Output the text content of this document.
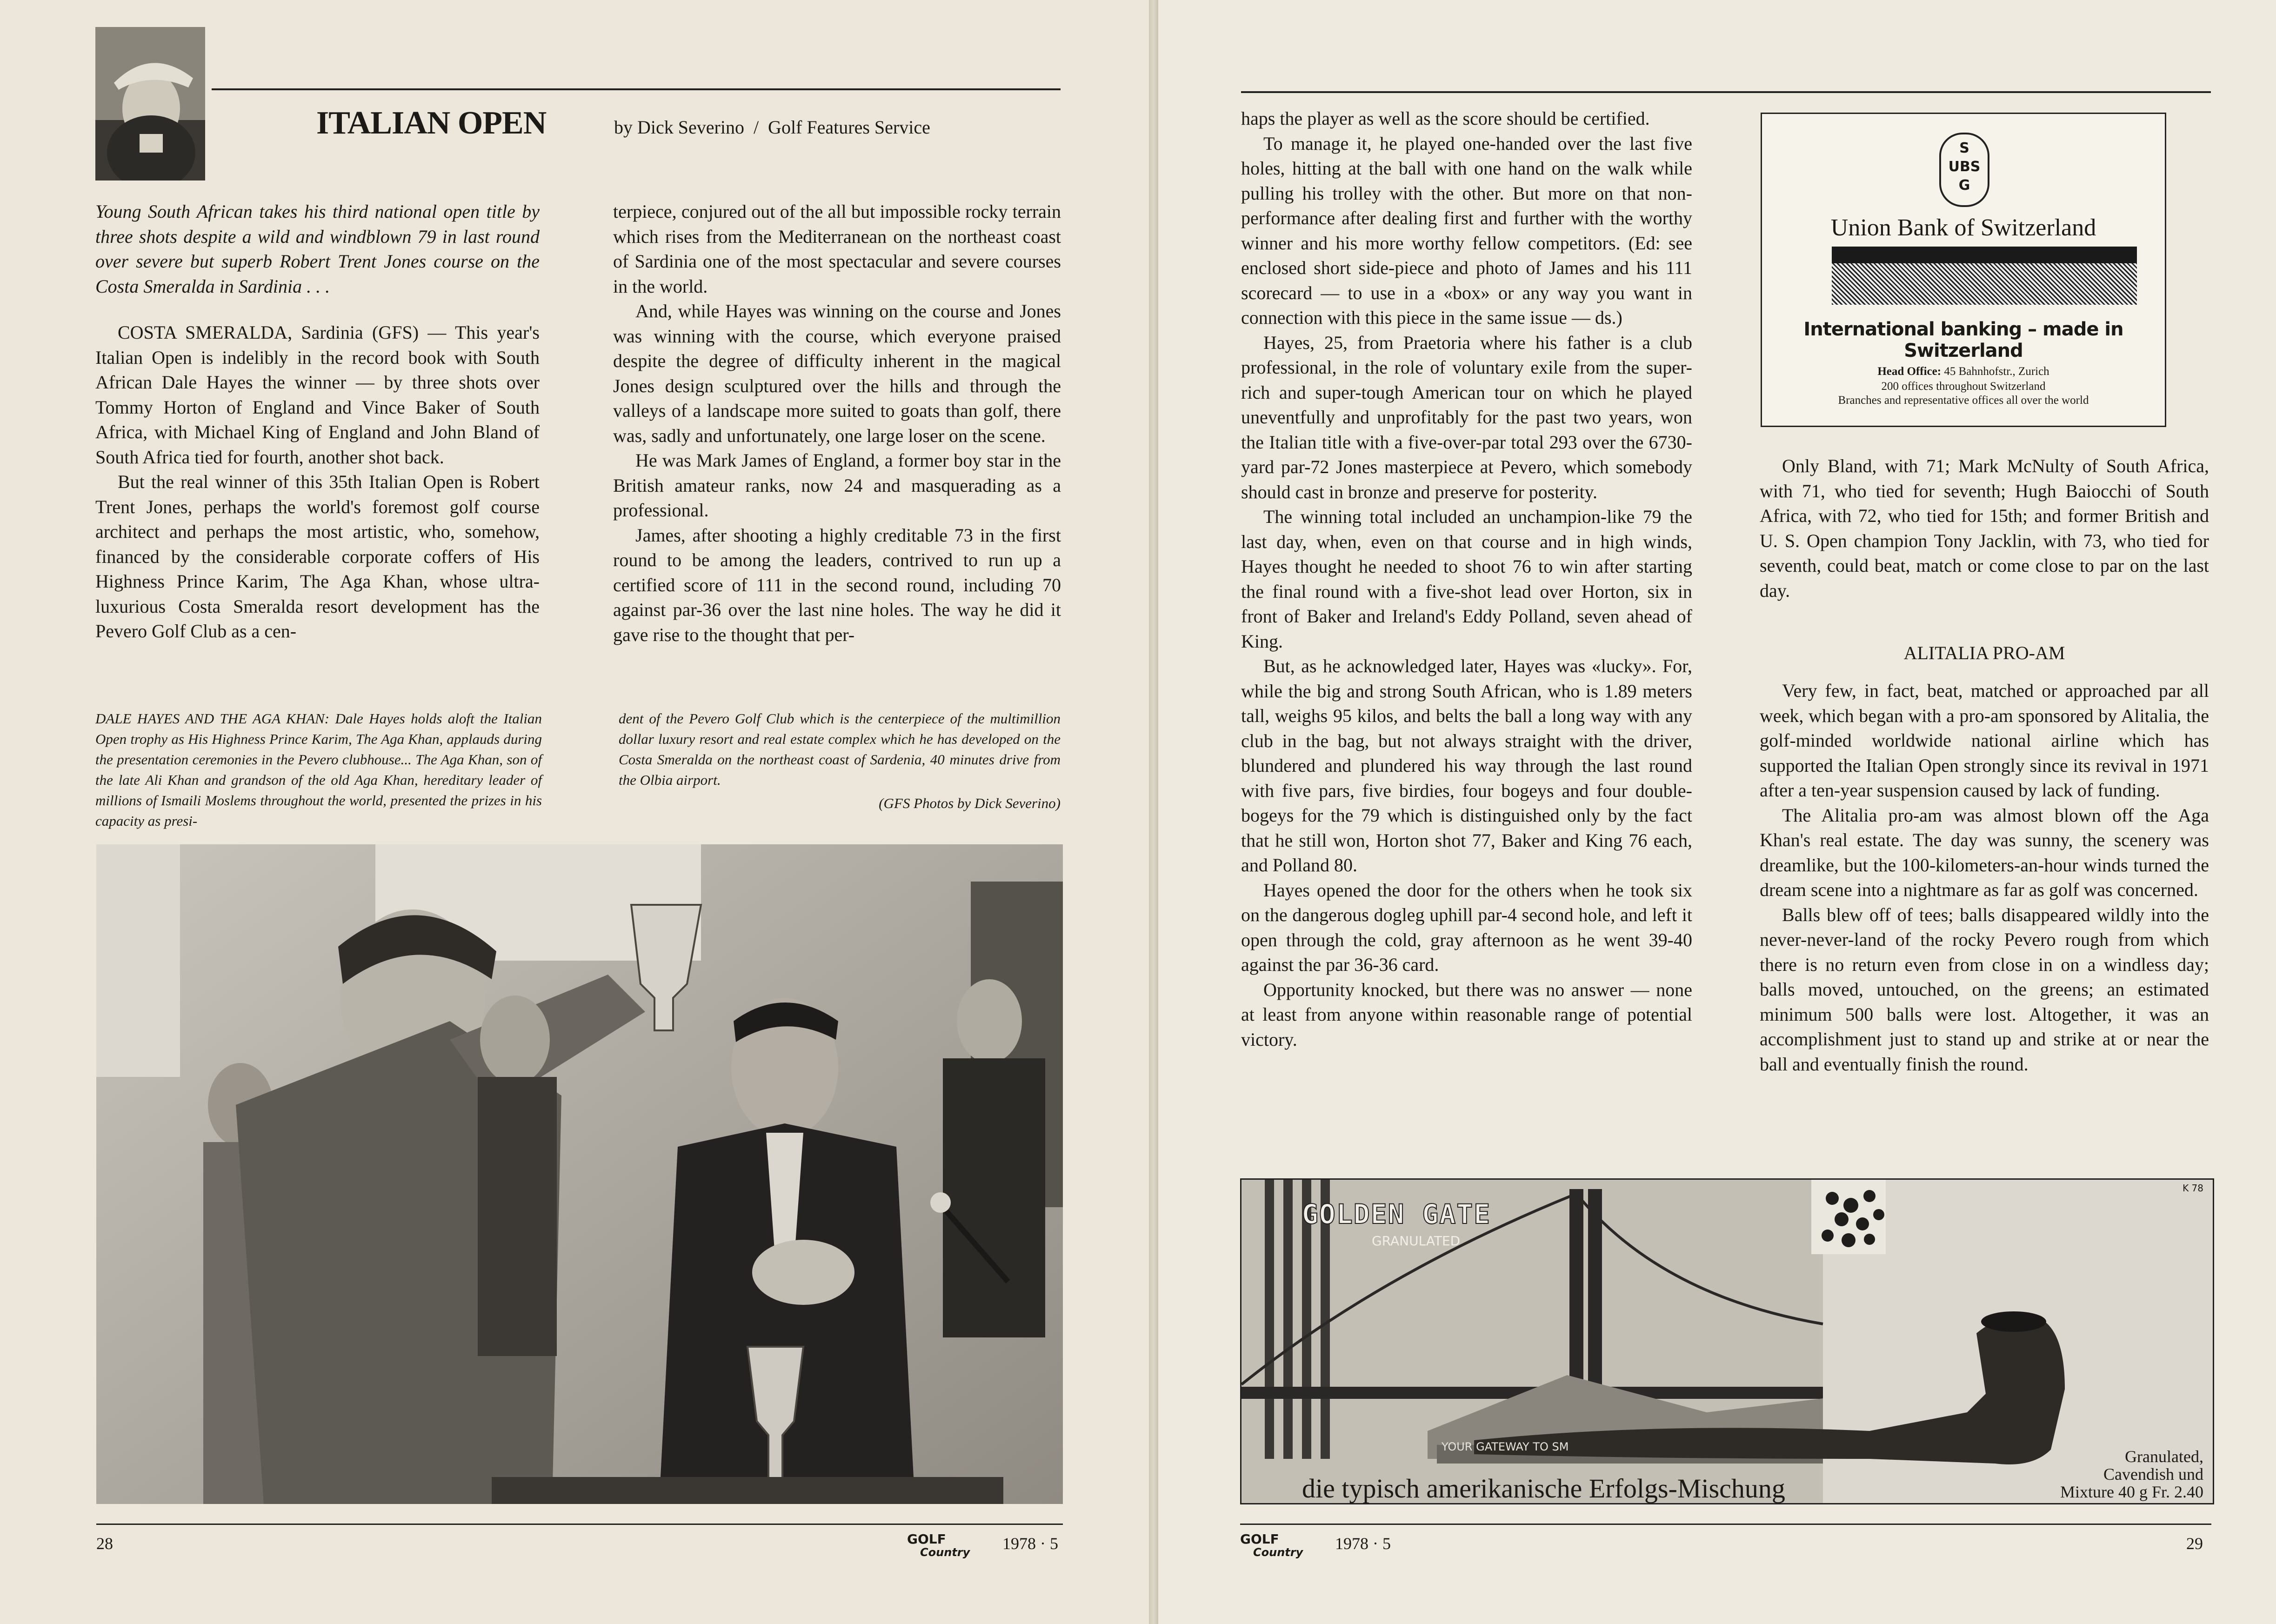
ITALIAN OPEN	by Dick Severino  /  Golf Features Service
Young South African takes his third national open title by three shots despite a wild and windblown 79 in last round over severe but superb Robert Trent Jones course on the Costa Smeralda in Sardinia . . .

COSTA SMERALDA, Sardinia (GFS) — This year's Italian Open is indelibly in the record book with South African Dale Hayes the winner — by three shots over Tommy Horton of England and Vince Baker of South Africa, with Michael King of England and John Bland of South Africa tied for fourth, another shot back.

But the real winner of this 35th Italian Open is Robert Trent Jones, perhaps the world's foremost golf course architect and perhaps the most artistic, who, somehow, financed by the considerable corporate coffers of His Highness Prince Karim, The Aga Khan, whose ultra-luxurious Costa Smeralda resort development has the Pevero Golf Club as a cen-

terpiece, conjured out of the all but impossible rocky terrain which rises from the Mediterranean on the northeast coast of Sardinia one of the most spectacular and severe courses in the world.

And, while Hayes was winning on the course and Jones was winning with the course, which everyone praised despite the degree of difficulty inherent in the magical Jones design sculptured over the hills and through the valleys of a landscape more suited to goats than golf, there was, sadly and unfortunately, one large loser on the scene.

He was Mark James of England, a former boy star in the British amateur ranks, now 24 and masquerading as a professional.

James, after shooting a highly creditable 73 in the first round to be among the leaders, contrived to run up a certified score of 111 in the second round, including 70 against par-36 over the last nine holes. The way he did it gave rise to the thought that per-

DALE HAYES AND THE AGA KHAN: Dale Hayes holds aloft the Italian Open trophy as His Highness Prince Karim, The Aga Khan, applauds during the presentation ceremonies in the Pevero clubhouse... The Aga Khan, son of the late Ali Khan and grandson of the old Aga Khan, hereditary leader of millions of Ismaili Moslems throughout the world, presented the prizes in his capacity as presi-
dent of the Pevero Golf Club which is the centerpiece of the multimillion dollar luxury resort and real estate complex which he has developed on the Costa Smeralda on the northeast coast of Sardenia, 40 minutes drive from the Olbia airport.
(GFS Photos by Dick Severino)
28	GOLF
Country 1978 · 5

haps the player as well as the score should be certified.

To manage it, he played one-handed over the last five holes, hitting at the ball with one hand on the walk while pulling his trolley with the other. But more on that non-performance after dealing first and further with the worthy winner and his more worthy fellow competitors. (Ed: see enclosed short side-piece and photo of James and his 111 scorecard — to use in a «box» or any way you want in connection with this piece in the same issue — ds.)

Hayes, 25, from Praetoria where his father is a club professional, in the role of voluntary exile from the super-rich and super-tough American tour on which he played uneventfully and unprofitably for the past two years, won the Italian title with a five-over-par total 293 over the 6730-yard par-72 Jones masterpiece at Pevero, which somebody should cast in bronze and preserve for posterity.

The winning total included an unchampion-like 79 the last day, when, even on that course and in high winds, Hayes thought he needed to shoot 76 to win after starting the final round with a five-shot lead over Horton, six in front of Baker and Ireland's Eddy Polland, seven ahead of King.

But, as he acknowledged later, Hayes was «lucky». For, while the big and strong South African, who is 1.89 meters tall, weighs 95 kilos, and belts the ball a long way with any club in the bag, but not always straight with the driver, blundered and plundered his way through the last round with five pars, five birdies, four bogeys and four double-bogeys for the 79 which is distinguished only by the fact that he still won, Horton shot 77, Baker and King 76 each, and Polland 80.

Hayes opened the door for the others when he took six on the dangerous dogleg uphill par-4 second hole, and left it open through the cold, gray afternoon as he went 39-40 against the par 36-36 card.

Opportunity knocked, but there was no answer — none at least from anyone within reasonable range of potential victory.

S
UBS
G
Union Bank of Switzerland
International banking – made in Switzerland
Head Office: 45 Bahnhofstr., Zurich
200 offices throughout Switzerland
Branches and representative offices all over the world

Only Bland, with 71; Mark McNulty of South Africa, with 71, who tied for seventh; Hugh Baiocchi of South Africa, with 72, who tied for 15th; and former British and U. S. Open champion Tony Jacklin, with 73, who tied for seventh, could beat, match or come close to par on the last day.

ALITALIA PRO-AM

Very few, in fact, beat, matched or approached par all week, which began with a pro-am sponsored by Alitalia, the golf-minded worldwide national airline which has supported the Italian Open strongly since its revival in 1971 after a ten-year suspension caused by lack of funding.

The Alitalia pro-am was almost blown off the Aga Khan's real estate. The day was sunny, the scenery was dreamlike, but the 100-kilometers-an-hour winds turned the dream scene into a nightmare as far as golf was concerned.

Balls blew off of tees; balls disappeared wildly into the never-never-land of the rocky Pevero rough from which there is no return even from close in on a windless day; balls moved, untouched, on the greens; an estimated minimum 500 balls were lost. Altogether, it was an accomplishment just to stand up and strike at or near the ball and eventually finish the round.

GOLDEN GATE
GRANULATED
YOUR GATEWAY TO SM
K 78
die typisch amerikanische Erfolgs-Mischung
Granulated,
Cavendish und
Mixture 40 g Fr. 2.40
GOLF
Country 1978 · 5	29
